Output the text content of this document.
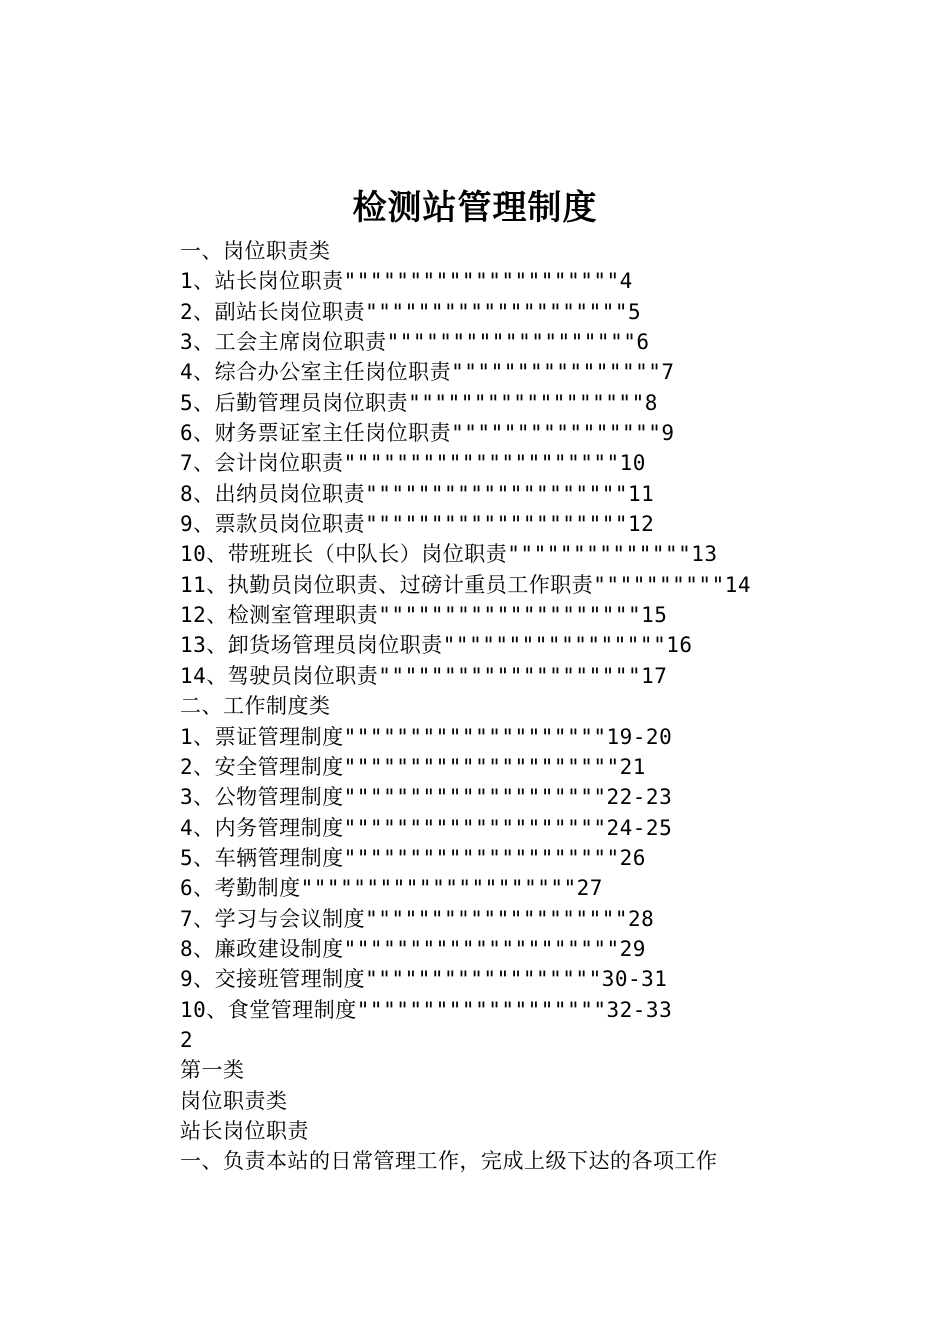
检测站管理制度
一、岗位职责类
1、站长岗位职责"""""""""""""""""""""4
2、副站长岗位职责""""""""""""""""""""5
3、工会主席岗位职责"""""""""""""""""""6
4、综合办公室主任岗位职责""""""""""""""""7
5、后勤管理员岗位职责""""""""""""""""""8
6、财务票证室主任岗位职责""""""""""""""""9
7、会计岗位职责"""""""""""""""""""""10
8、出纳员岗位职责""""""""""""""""""""11
9、票款员岗位职责""""""""""""""""""""12
10、带班班长（中队长）岗位职责""""""""""""""13
11、执勤员岗位职责、过磅计重员工作职责""""""""""14
12、检测室管理职责""""""""""""""""""""15
13、卸货场管理员岗位职责"""""""""""""""""16
14、驾驶员岗位职责""""""""""""""""""""17
二、工作制度类
1、票证管理制度""""""""""""""""""""19-20
2、安全管理制度"""""""""""""""""""""21
3、公物管理制度""""""""""""""""""""22-23
4、内务管理制度""""""""""""""""""""24-25
5、车辆管理制度"""""""""""""""""""""26
6、考勤制度"""""""""""""""""""""27
7、学习与会议制度""""""""""""""""""""28
8、廉政建设制度"""""""""""""""""""""29
9、交接班管理制度""""""""""""""""""30-31
10、食堂管理制度"""""""""""""""""""32-33
2
第一类
岗位职责类
站长岗位职责
一、负责本站的日常管理工作，完成上级下达的各项工作
